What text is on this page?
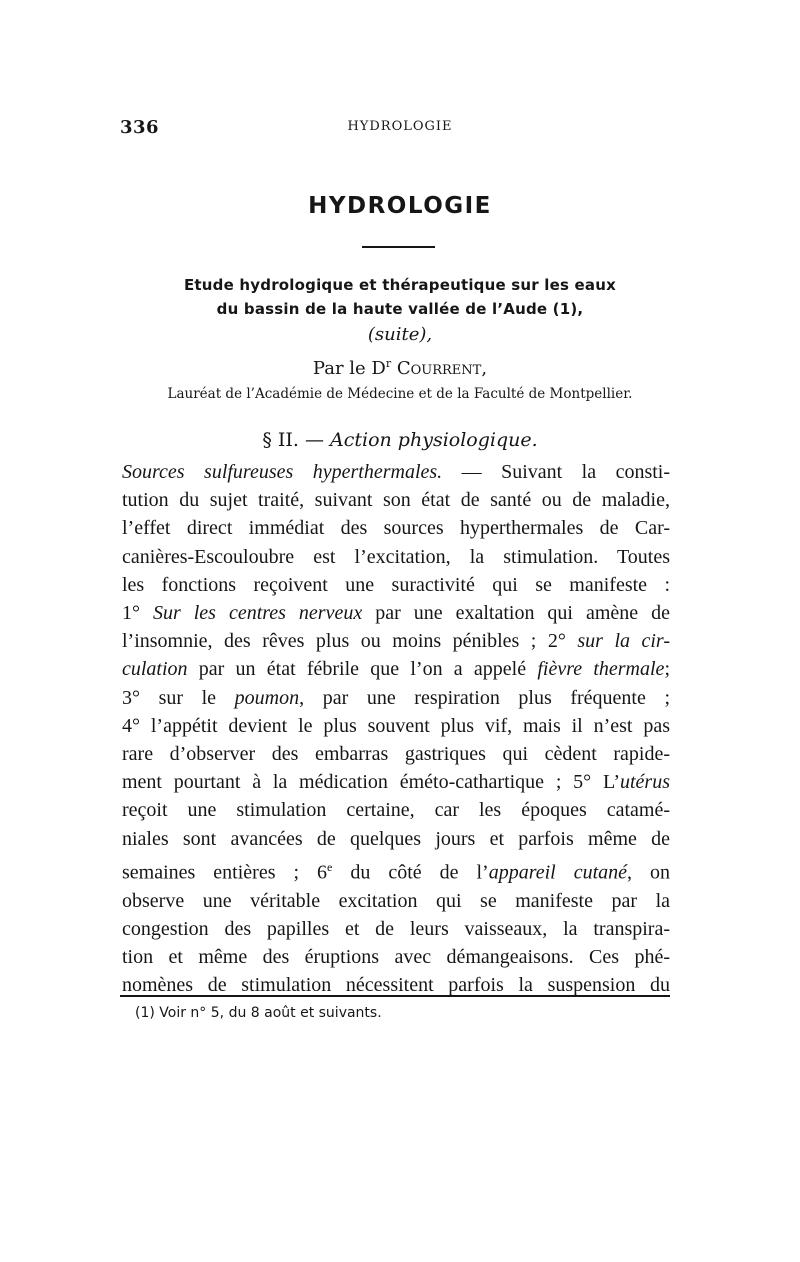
336	HYDROLOGIE
HYDROLOGIE
Etude hydrologique et thérapeutique sur les eaux
du bassin de la haute vallée de l’Aude (1),
(suite),
Par le $D^r$ Courrent,
Lauréat de l’Académie de Médecine et de la Faculté de Montpellier.
§ II. — Action physiologique.
Sources sulfureuses hyperthermales. — Suivant la consti-
tution du sujet traité, suivant son état de santé ou de maladie,
l’effet direct immédiat des sources hyperthermales de Car-
canières-Escouloubre est l’excitation, la stimulation. Toutes
les fonctions reçoivent une suractivité qui se manifeste :
1° Sur les centres nerveux par une exaltation qui amène de
l’insomnie, des rêves plus ou moins pénibles ; 2° sur la cir-
culation par un état fébrile que l’on a appelé fièvre thermale;
3° sur le poumon, par une respiration plus fréquente ;
4° l’appétit devient le plus souvent plus vif, mais il n’est pas
rare d’observer des embarras gastriques qui cèdent rapide-
ment pourtant à la médication éméto-cathartique ; 5° L’utérus
reçoit une stimulation certaine, car les époques catamé-
niales sont avancées de quelques jours et parfois même de
semaines entières ; 6e du côté de l’appareil cutané, on
observe une véritable excitation qui se manifeste par la
congestion des papilles et de leurs vaisseaux, la transpira-
tion et même des éruptions avec démangeaisons. Ces phé-
nomènes de stimulation nécessitent parfois la suspension du
(1) Voir n° 5, du 8 août et suivants.
